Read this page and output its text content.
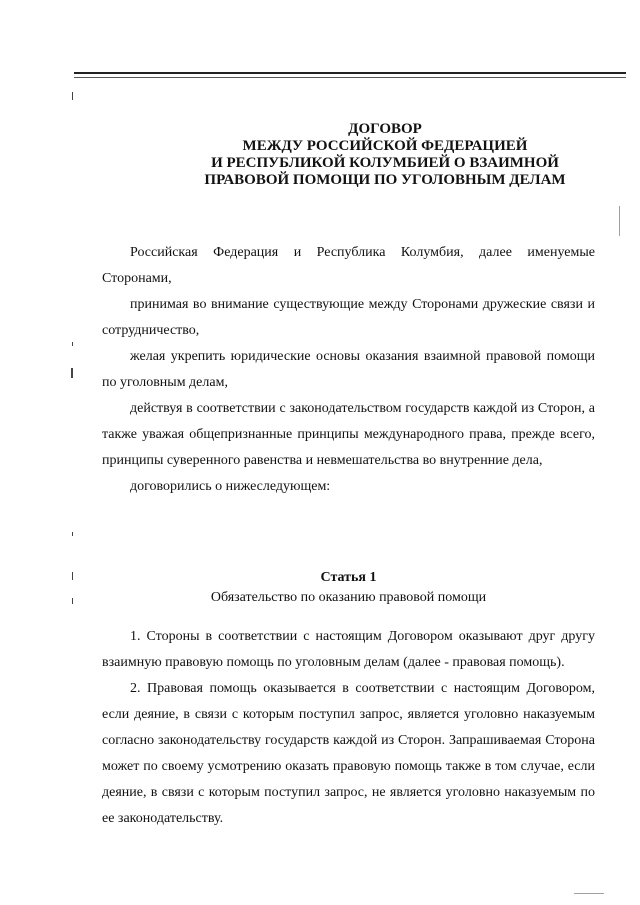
ДОГОВОР
МЕЖДУ РОССИЙСКОЙ ФЕДЕРАЦИЕЙ
И РЕСПУБЛИКОЙ КОЛУМБИЕЙ О ВЗАИМНОЙ
ПРАВОВОЙ ПОМОЩИ ПО УГОЛОВНЫМ ДЕЛАМ

Российская Федерация и Республика Колумбия, далее именуемые Сторонами,

принимая во внимание существующие между Сторонами дружеские связи и сотрудничество,

желая укрепить юридические основы оказания взаимной правовой помощи по уголовным делам,

действуя в соответствии с законодательством государств каждой из Сторон, а также уважая общепризнанные принципы международного права, прежде всего, принципы суверенного равенства и невмешательства во внутренние дела,

договорились о нижеследующем:

Статья 1
Обязательство по оказанию правовой помощи

1. Стороны в соответствии с настоящим Договором оказывают друг другу взаимную правовую помощь по уголовным делам (далее - правовая помощь).

2. Правовая помощь оказывается в соответствии с настоящим Договором, если деяние, в связи с которым поступил запрос, является уголовно наказуемым согласно законодательству государств каждой из Сторон. Запрашиваемая Сторона может по своему усмотрению оказать правовую помощь также в том случае, если деяние, в связи с которым поступил запрос, не является уголовно наказуемым по ее законодательству.
